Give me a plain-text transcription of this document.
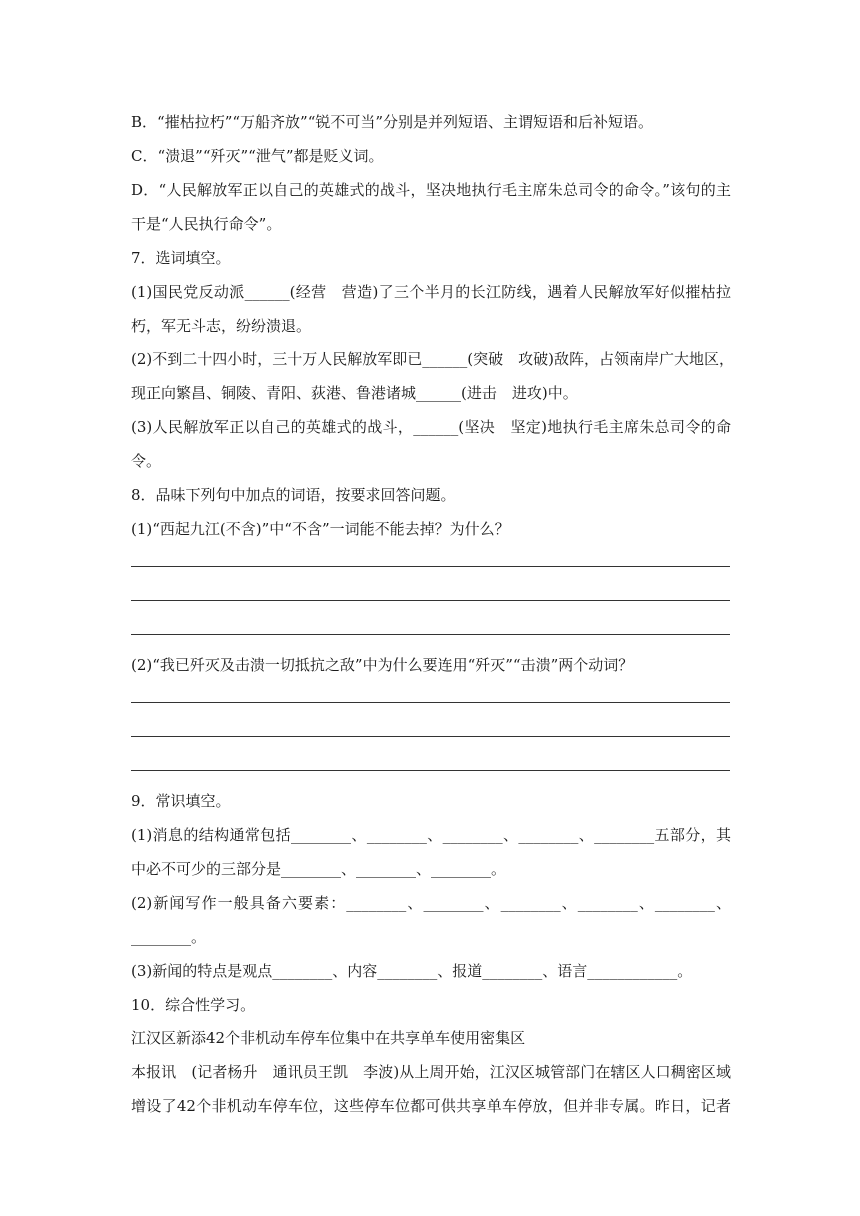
B．“摧枯拉朽”“万船齐放”“锐不可当”分别是并列短语、主谓短语和后补短语。
C．“溃退”“歼灭”“泄气”都是贬义词。
D．“人民解放军正以自己的英雄式的战斗，坚决地执行毛主席朱总司令的命令。”该句的主
干是“人民执行命令”。
7．选词填空。
(1)国民党反动派______(经营　营造)了三个半月的长江防线，遇着人民解放军好似摧枯拉
朽，军无斗志，纷纷溃退。
(2)不到二十四小时，三十万人民解放军即已______(突破　攻破)敌阵，占领南岸广大地区，
现正向繁昌、铜陵、青阳、荻港、鲁港诸城______(进击　进攻)中。
(3)人民解放军正以自己的英雄式的战斗，______(坚决　坚定)地执行毛主席朱总司令的命
令。
8．品味下列句中加点的词语，按要求回答问题。
(1)“西起九江(不含)”中“不含”一词能不能去掉？为什么？
(2)“我已歼灭及击溃一切抵抗之敌”中为什么要连用“歼灭”“击溃”两个动词？
9．常识填空。
(1)消息的结构通常包括________、________、________、________、________五部分，其
中必不可少的三部分是________、________、________。
(2)新闻写作一般具备六要素：________、________、________、________、________、
________。
(3)新闻的特点是观点________、内容________、报道________、语言____________。
10．综合性学习。
江汉区新添42个非机动车停车位集中在共享单车使用密集区
本报讯　(记者杨升　通讯员王凯　李波)从上周开始，江汉区城管部门在辖区人口稠密区域
增设了42个非机动车停车位，这些停车位都可供共享单车停放，但并非专属。昨日，记者
